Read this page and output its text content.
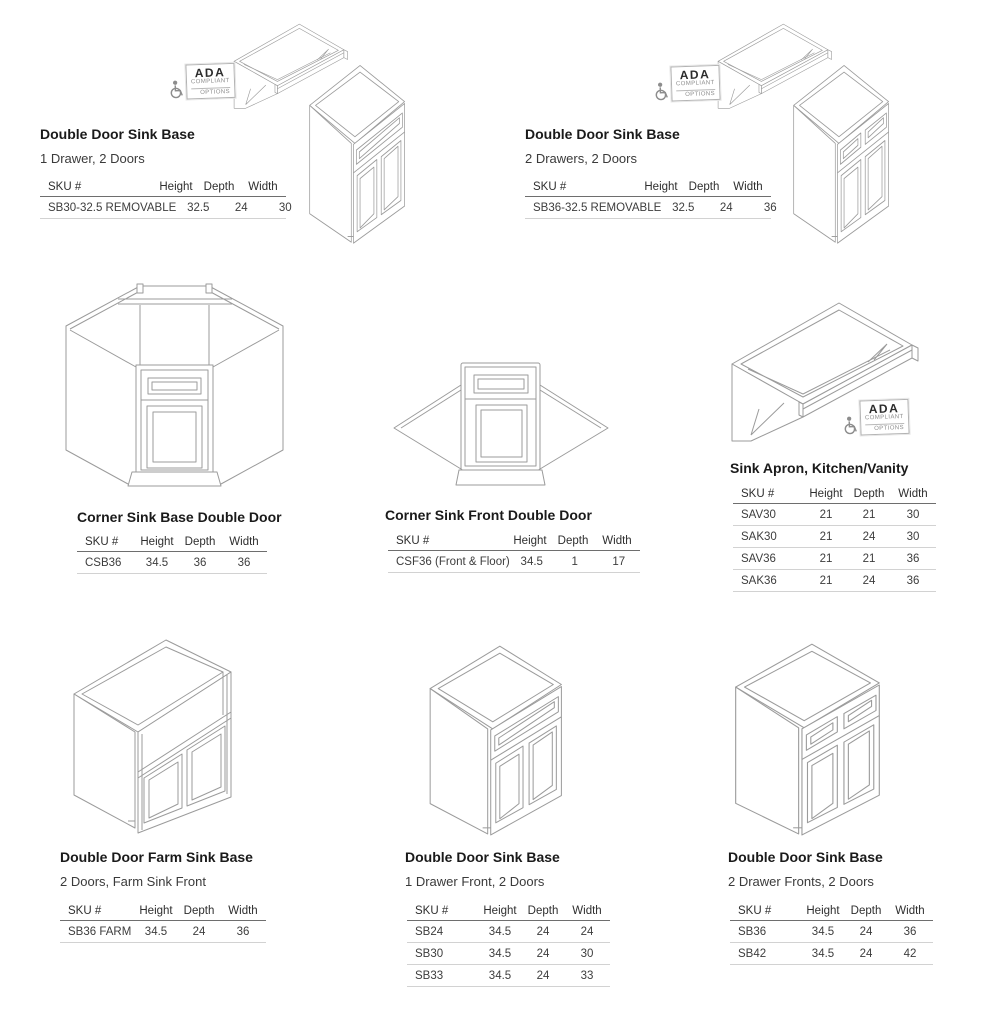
ADA
COMPLIANT
OPTIONS
Double Door Sink Base
1 Drawer, 2 Doors
SKU #	Height Depth	Width
SB30-32.5 REMOVABLE 32.5	24	30
ADA
COMPLIANT
OPTIONS
Double Door Sink Base
2 Drawers, 2 Doors
SKU #	Height Depth	Width
SB36-32.5 REMOVABLE 32.5	24	36
Corner Sink Base Double Door
SKU #	Height Depth	Width
CSB36	34.5	36	36
Corner Sink Front Double Door
SKU #	Height Depth	Width
CSF36 (Front & Floor) 34.5	1	17
ADA
COMPLIANT
OPTIONS
Sink Apron, Kitchen/Vanity
SKU #	Height Depth	Width
SAV30	21	21	30
SAK30	21	24	30
SAV36	21	21	36
SAK36	21	24	36
Double Door Farm Sink Base
2 Doors, Farm Sink Front
SKU #	Height Depth	Width
SB36 FARM	34.5	24	36
Double Door Sink Base
1 Drawer Front, 2 Doors
SKU #	Height Depth	Width
SB24	34.5	24	24
SB30	34.5	24	30
SB33	34.5	24	33
Double Door Sink Base
2 Drawer Fronts, 2 Doors
SKU #	Height Depth	Width
SB36	34.5	24	36
SB42	34.5	24	42
